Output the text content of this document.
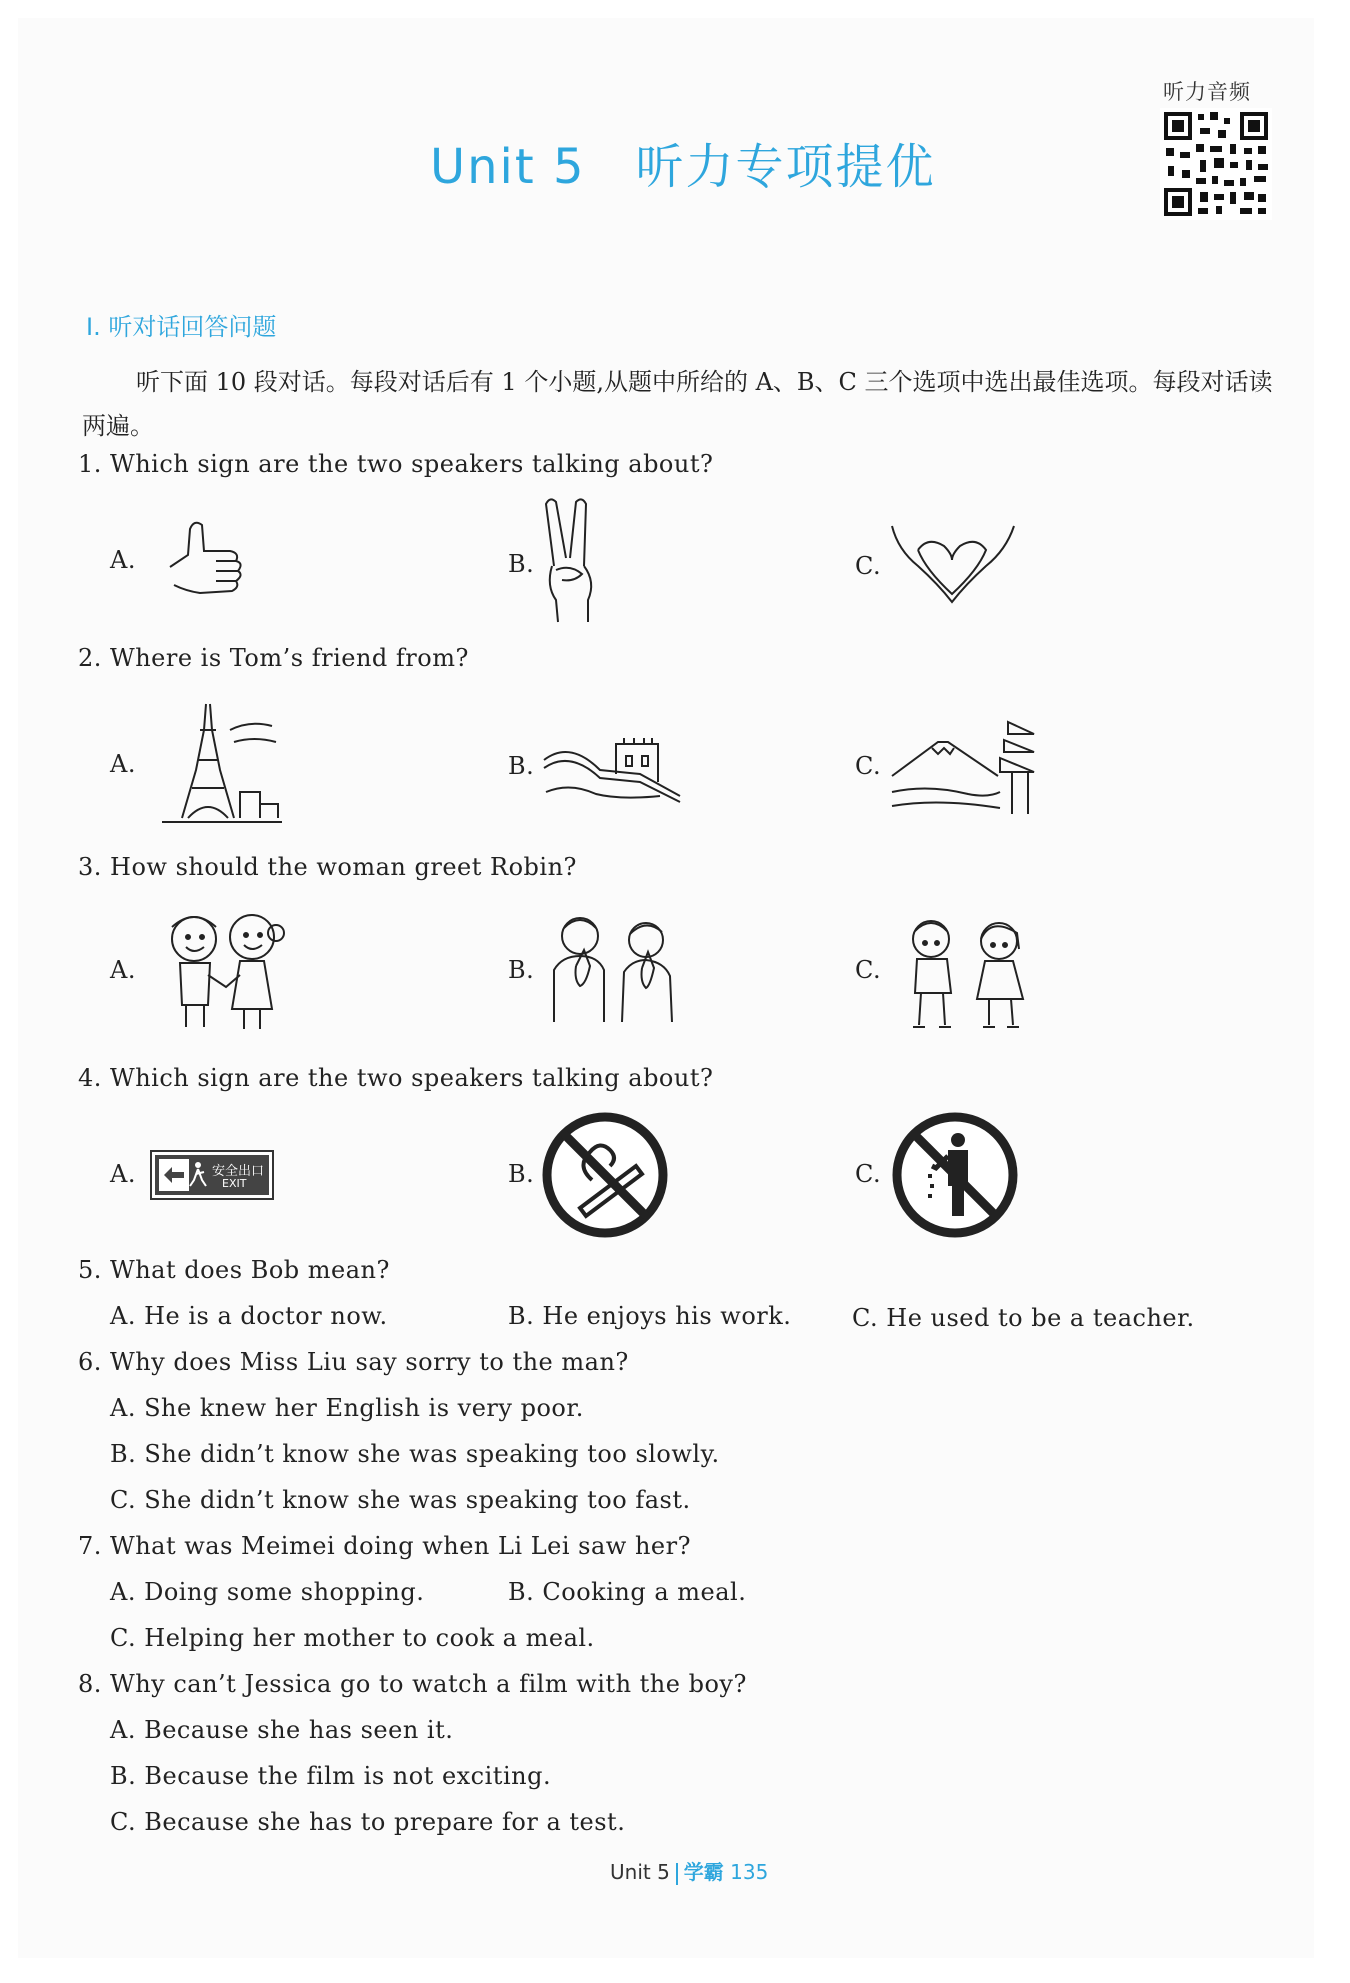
听力音频
Unit 5 听力专项提优
Ⅰ. 听对话回答问题
听下面 10 段对话。每段对话后有 1 个小题,从题中所给的 A、B、C 三个选项中选出最佳选项。每段对话读两遍。
1. Which sign are the two speakers talking about?
A.	B.	C.
2. Where is Tom’s friend from?
A.	B.	C.
3. How should the woman greet Robin?
A.	B.	C.
4. Which sign are the two speakers talking about?
A.	安全出口
EXIT	B.	C.
5. What does Bob mean?
A. He is a doctor now.	B. He enjoys his work.	C. He used to be a teacher.
6. Why does Miss Liu say sorry to the man?
A. She knew her English is very poor.
B. She didn’t know she was speaking too slowly.
C. She didn’t know she was speaking too fast.
7. What was Meimei doing when Li Lei saw her?
A. Doing some shopping.	B. Cooking a meal.
C. Helping her mother to cook a meal.
8. Why can’t Jessica go to watch a film with the boy?
A. Because she has seen it.
B. Because the film is not exciting.
C. Because she has to prepare for a test.
Unit 5 学霸 135
